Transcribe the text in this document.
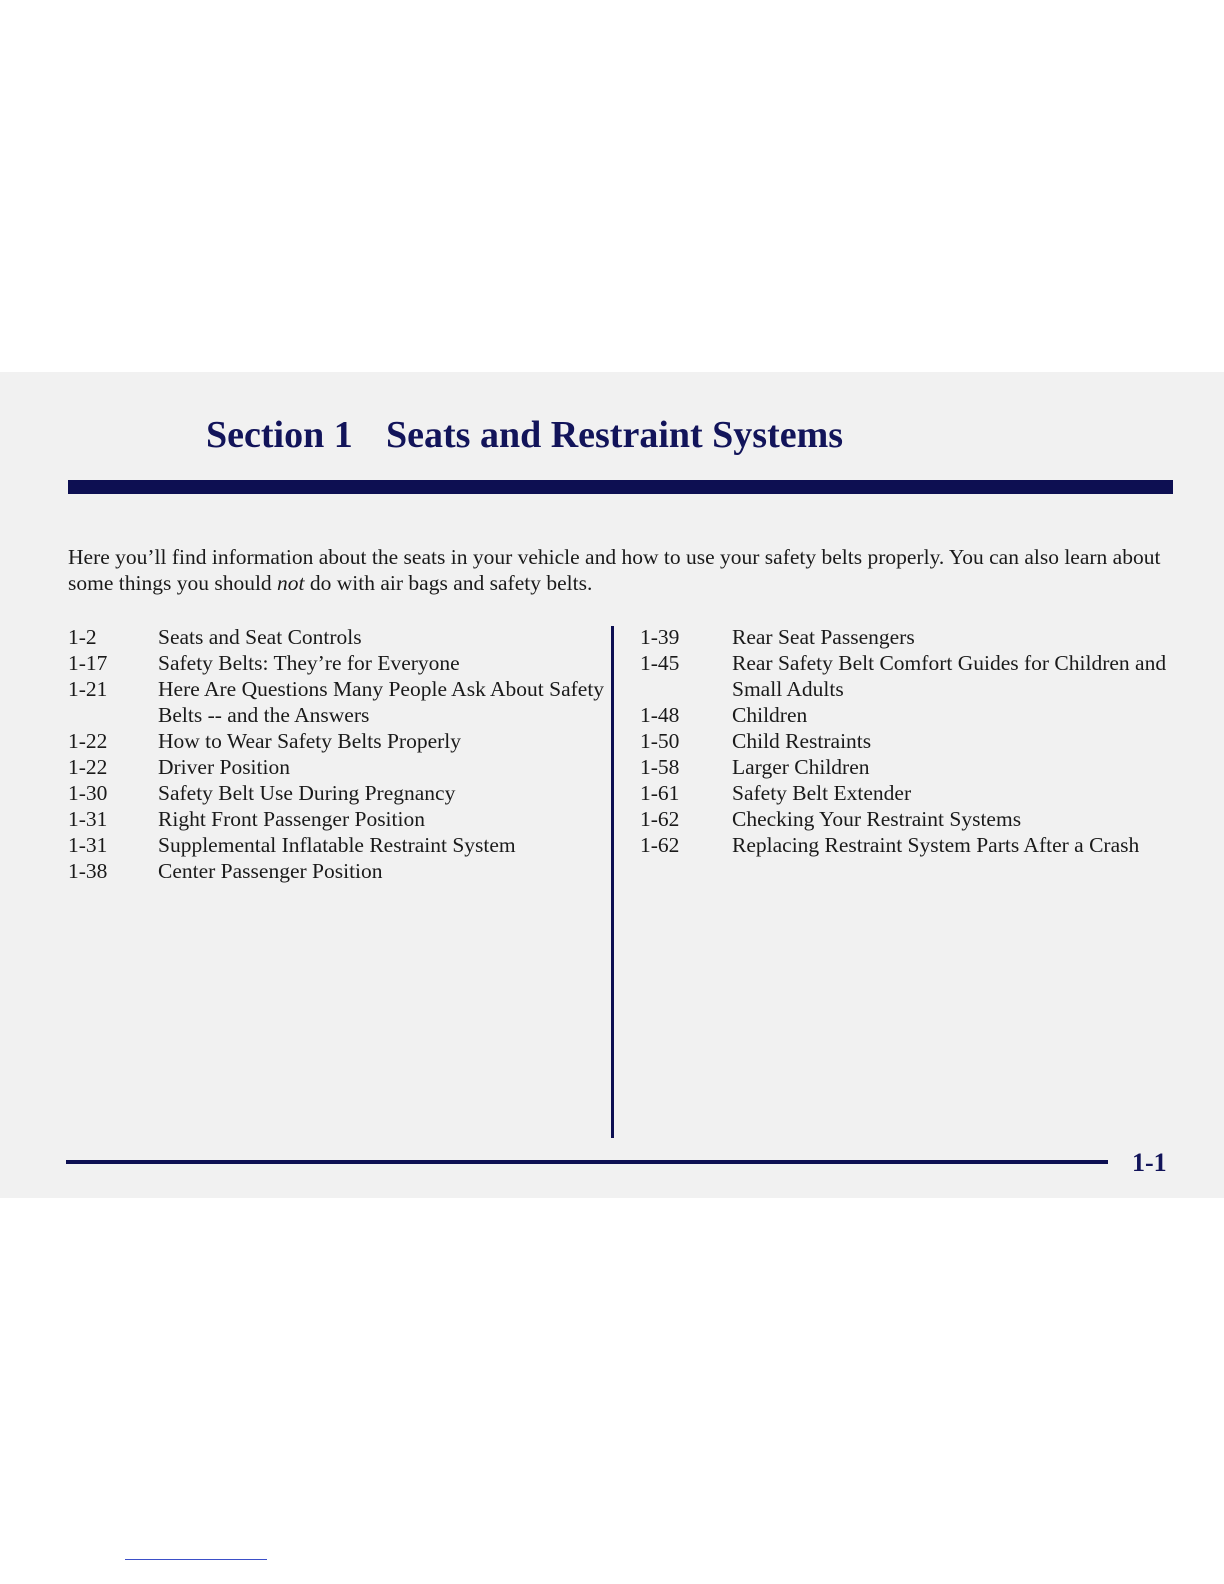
Section 1 Seats and Restraint Systems

Here you’ll find information about the seats in your vehicle and how to use your safety belts properly. You can also learn about some things you should not do with air bags and safety belts.

1-2	Seats and Seat Controls
1-17	Safety Belts: They’re for Everyone
1-21	Here Are Questions Many People Ask About Safety Belts -- and the Answers
1-22	How to Wear Safety Belts Properly
1-22	Driver Position
1-30	Safety Belt Use During Pregnancy
1-31	Right Front Passenger Position
1-31	Supplemental Inflatable Restraint System
1-38	Center Passenger Position
1-39	Rear Seat Passengers
1-45	Rear Safety Belt Comfort Guides for Children and Small Adults
1-48	Children
1-50	Child Restraints
1-58	Larger Children
1-61	Safety Belt Extender
1-62	Checking Your Restraint Systems
1-62	Replacing Restraint System Parts After a Crash
1-1
